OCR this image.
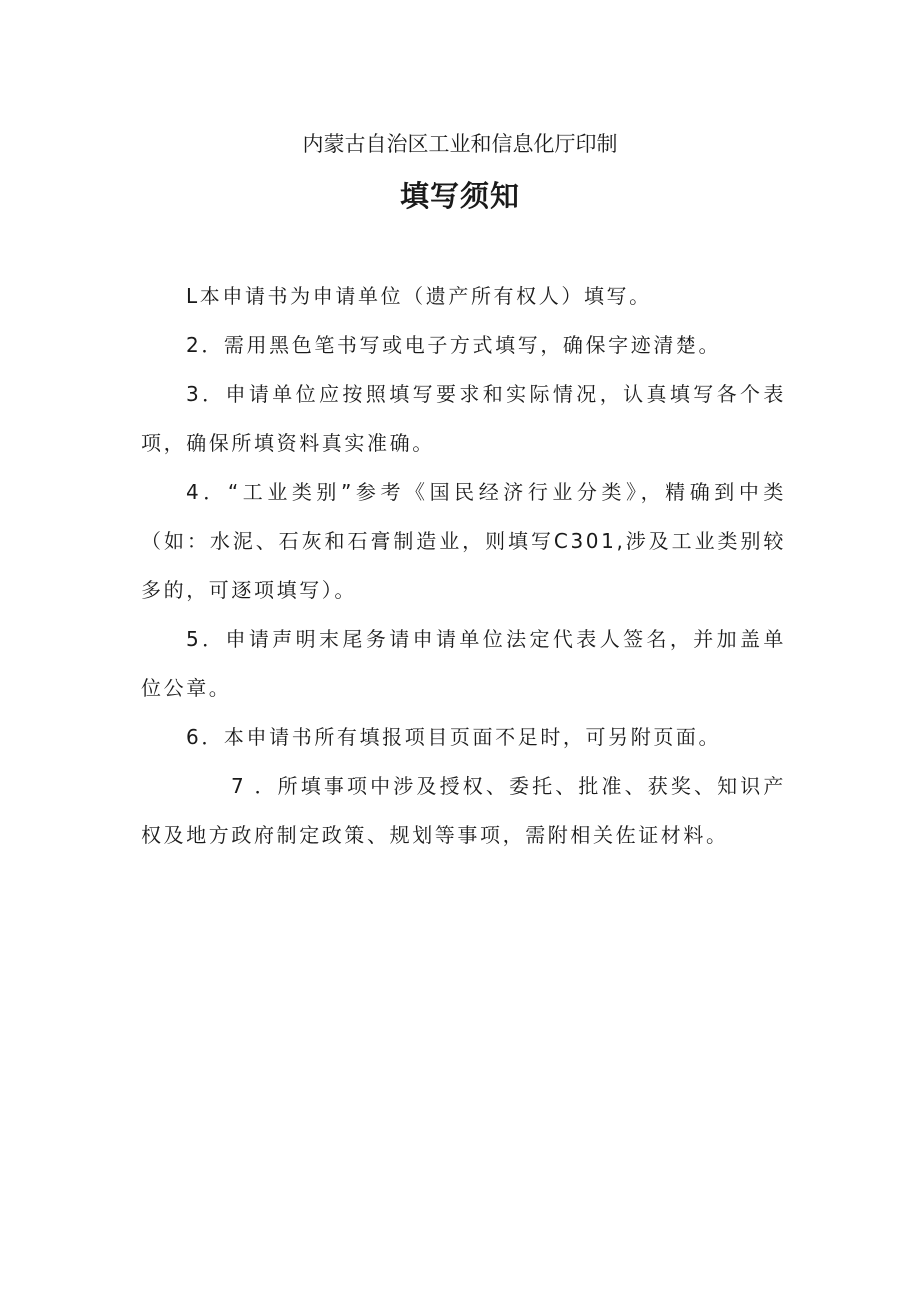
内蒙古自治区工业和信息化厅印制
填写须知

L本申请书为申请单位（遗产所有权人）填写。

2．需用黑色笔书写或电子方式填写，确保字迹清楚。

3．申请单位应按照填写要求和实际情况，认真填写各个表项，确保所填资料真实准确。

4．“工业类别”参考《国民经济行业分类》，精确到中类（如：水泥、石灰和石膏制造业，则填写C301,涉及工业类别较多的，可逐项填写）。

5．申请声明末尾务请申请单位法定代表人签名，并加盖单位公章。

6．本申请书所有填报项目页面不足时，可另附页面。

7 ．所填事项中涉及授权、委托、批准、获奖、知识产权及地方政府制定政策、规划等事项，需附相关佐证材料。
